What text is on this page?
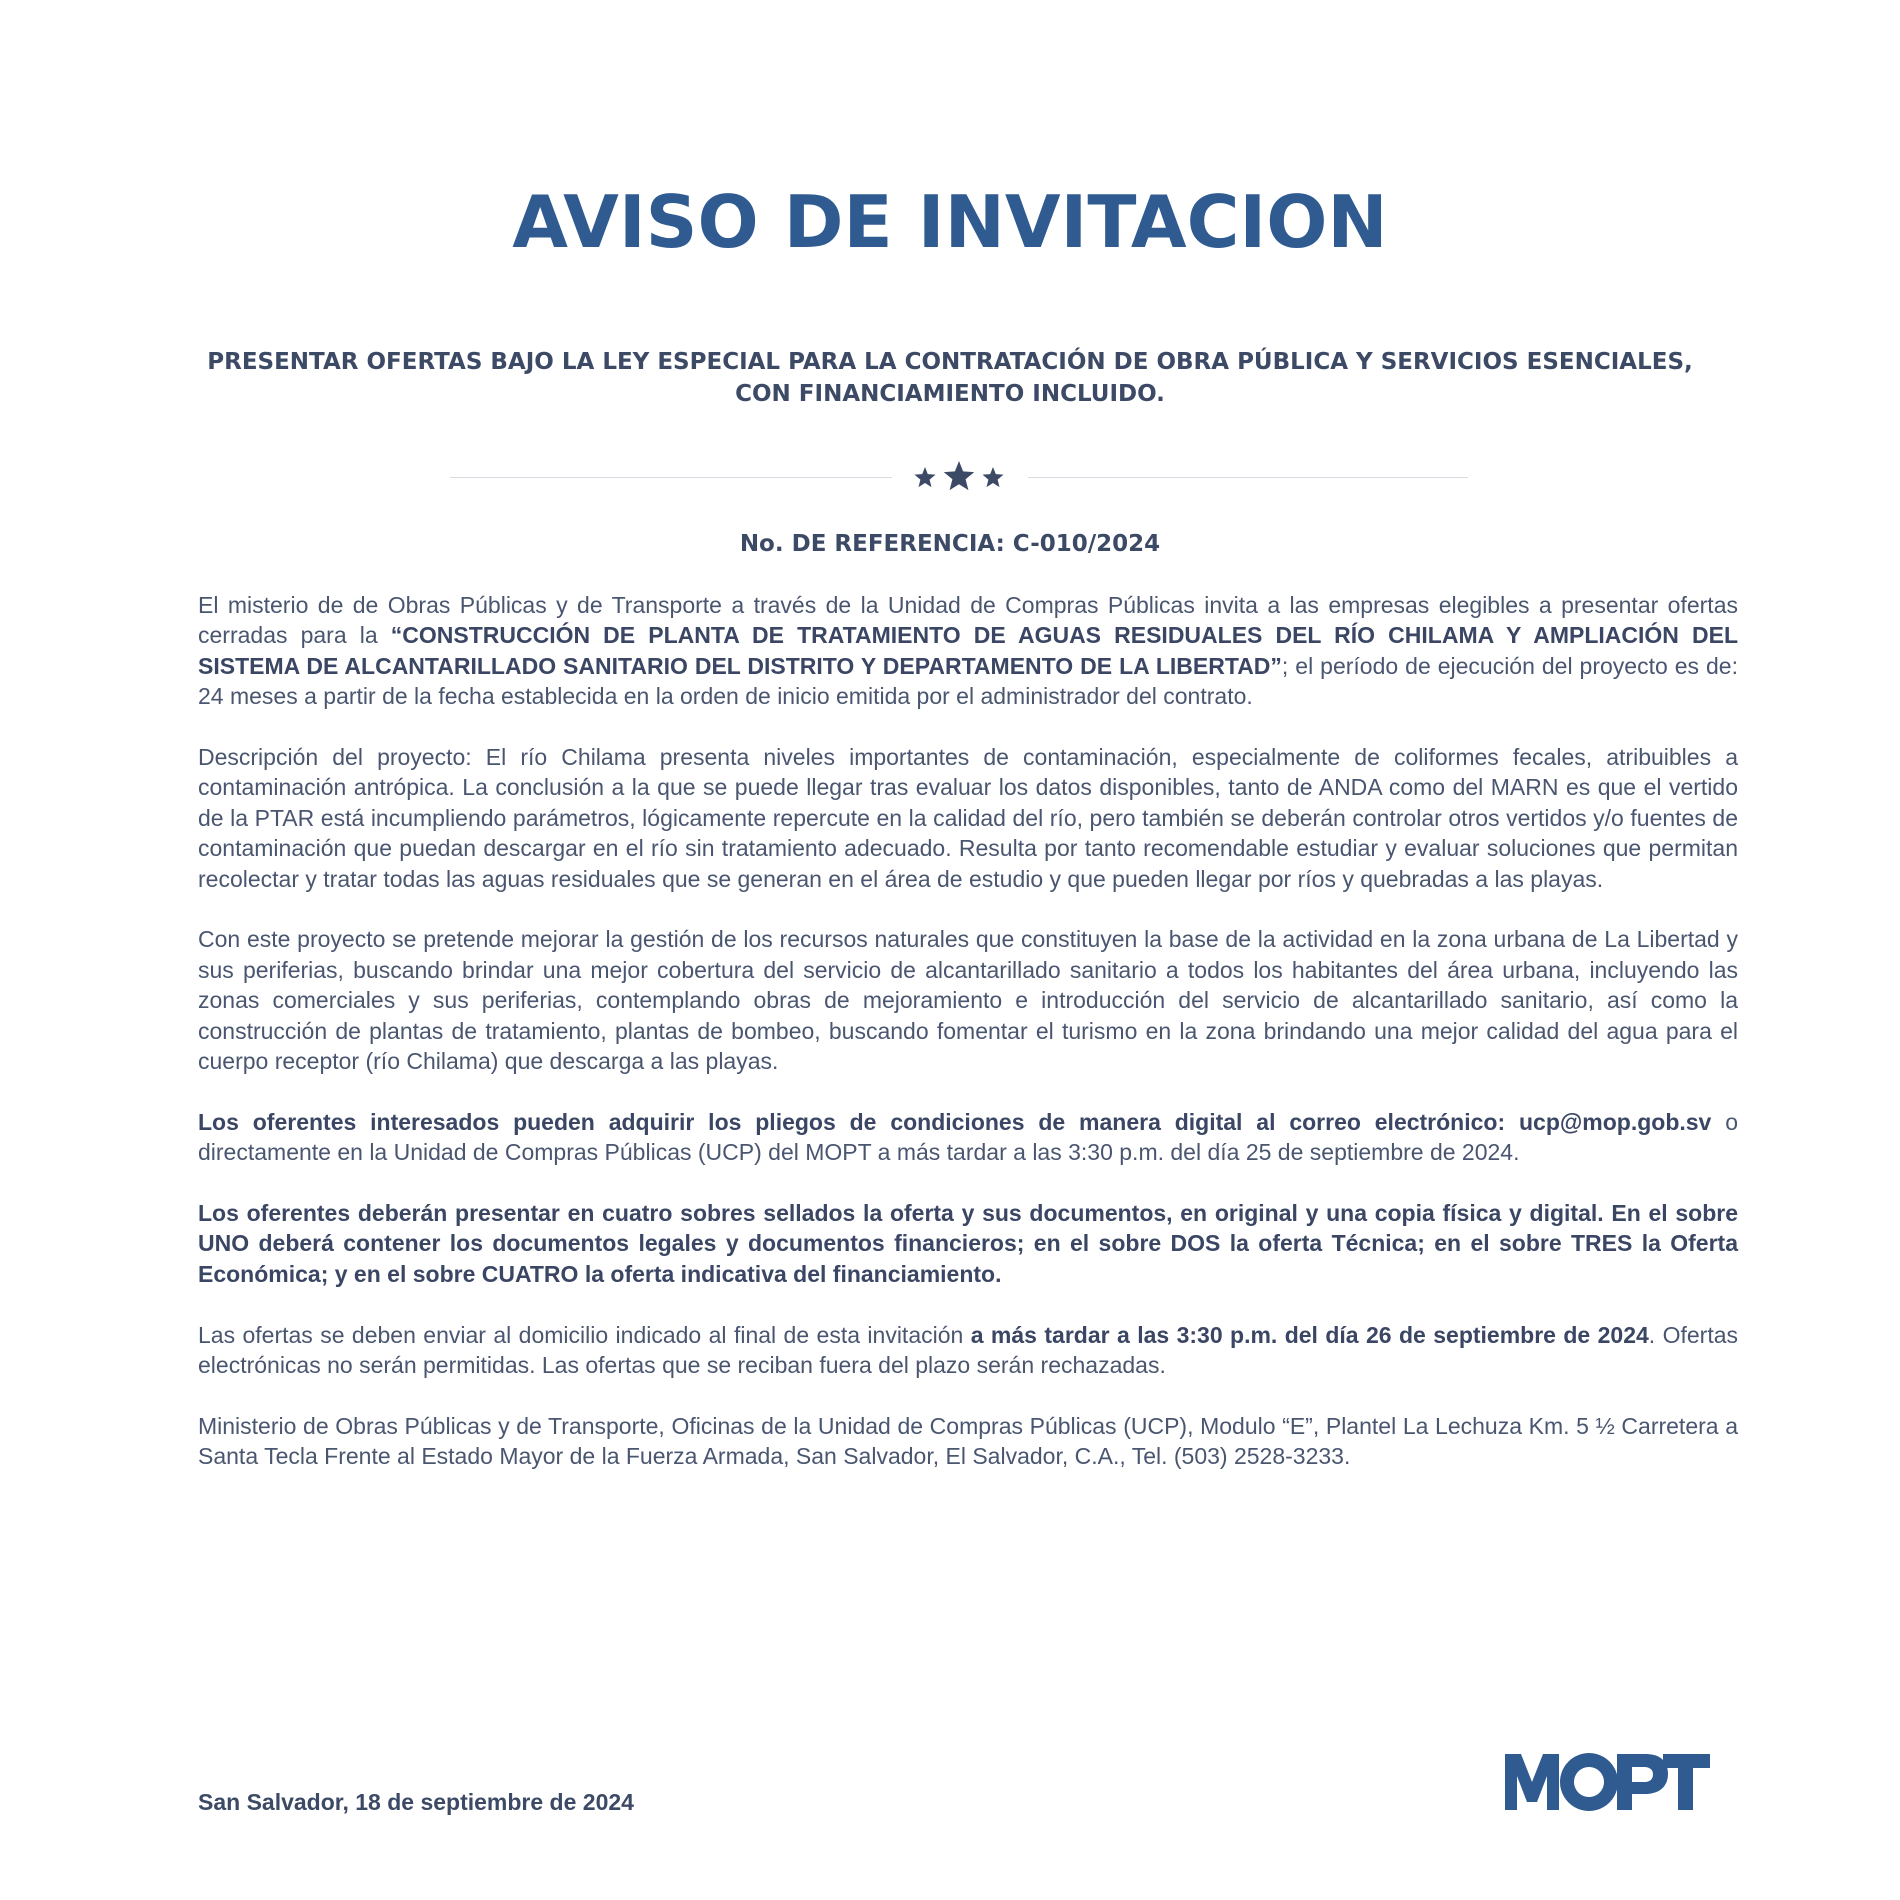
AVISO DE INVITACION
PRESENTAR OFERTAS BAJO LA LEY ESPECIAL PARA LA CONTRATACIÓN DE OBRA PÚBLICA Y SERVICIOS ESENCIALES,
CON FINANCIAMIENTO INCLUIDO.
No. DE REFERENCIA: C-010/2024

El misterio de de Obras Públicas y de Transporte a través de la Unidad de Compras Públicas invita a las empresas elegibles a presentar ofertas cerradas para la “CONSTRUCCIÓN DE PLANTA DE TRATAMIENTO DE AGUAS RESIDUALES DEL RÍO CHILAMA Y AMPLIACIÓN DEL SISTEMA DE ALCANTARILLADO SANITARIO DEL DISTRITO Y DEPARTAMENTO DE LA LIBERTAD”; el período de ejecución del proyecto es de: 24 meses a partir de la fecha establecida en la orden de inicio emitida por el administrador del contrato.

Descripción del proyecto: El río Chilama presenta niveles importantes de contaminación, especialmente de coliformes fecales, atribuibles a contaminación antrópica. La conclusión a la que se puede llegar tras evaluar los datos disponibles, tanto de ANDA como del MARN es que el vertido de la PTAR está incumpliendo parámetros, lógicamente repercute en la calidad del río, pero también se deberán controlar otros vertidos y/o fuentes de contaminación que puedan descargar en el río sin tratamiento adecuado. Resulta por tanto recomendable estudiar y evaluar soluciones que permitan recolectar y tratar todas las aguas residuales que se generan en el área de estudio y que pueden llegar por ríos y quebradas a las playas.

Con este proyecto se pretende mejorar la gestión de los recursos naturales que constituyen la base de la actividad en la zona urbana de La Libertad y sus periferias, buscando brindar una mejor cobertura del servicio de alcantarillado sanitario a todos los habitantes del área urbana, incluyendo las zonas comerciales y sus periferias, contemplando obras de mejoramiento e introducción del servicio de alcantarillado sanitario, así como la construcción de plantas de tratamiento, plantas de bombeo, buscando fomentar el turismo en la zona brindando una mejor calidad del agua para el cuerpo receptor (río Chilama) que descarga a las playas.

Los oferentes interesados pueden adquirir los pliegos de condiciones de manera digital al correo electrónico: ucp@mop.gob.sv o directamente en la Unidad de Compras Públicas (UCP) del MOPT a más tardar a las 3:30 p.m. del día 25 de septiembre de 2024.

Los oferentes deberán presentar en cuatro sobres sellados la oferta y sus documentos, en original y una copia física y digital. En el sobre UNO deberá contener los documentos legales y documentos financieros; en el sobre DOS la oferta Técnica; en el sobre TRES la Oferta Económica; y en el sobre CUATRO la oferta indicativa del financiamiento.

Las ofertas se deben enviar al domicilio indicado al final de esta invitación a más tardar a las 3:30 p.m. del día 26 de septiembre de 2024. Ofertas electrónicas no serán permitidas. Las ofertas que se reciban fuera del plazo serán rechazadas.

Ministerio de Obras Públicas y de Transporte, Oficinas de la Unidad de Compras Públicas (UCP), Modulo “E”, Plantel La Lechuza Km. 5 ½ Carretera a Santa Tecla Frente al Estado Mayor de la Fuerza Armada, San Salvador, El Salvador, C.A., Tel. (503) 2528-3233.

San Salvador, 18 de septiembre de 2024
